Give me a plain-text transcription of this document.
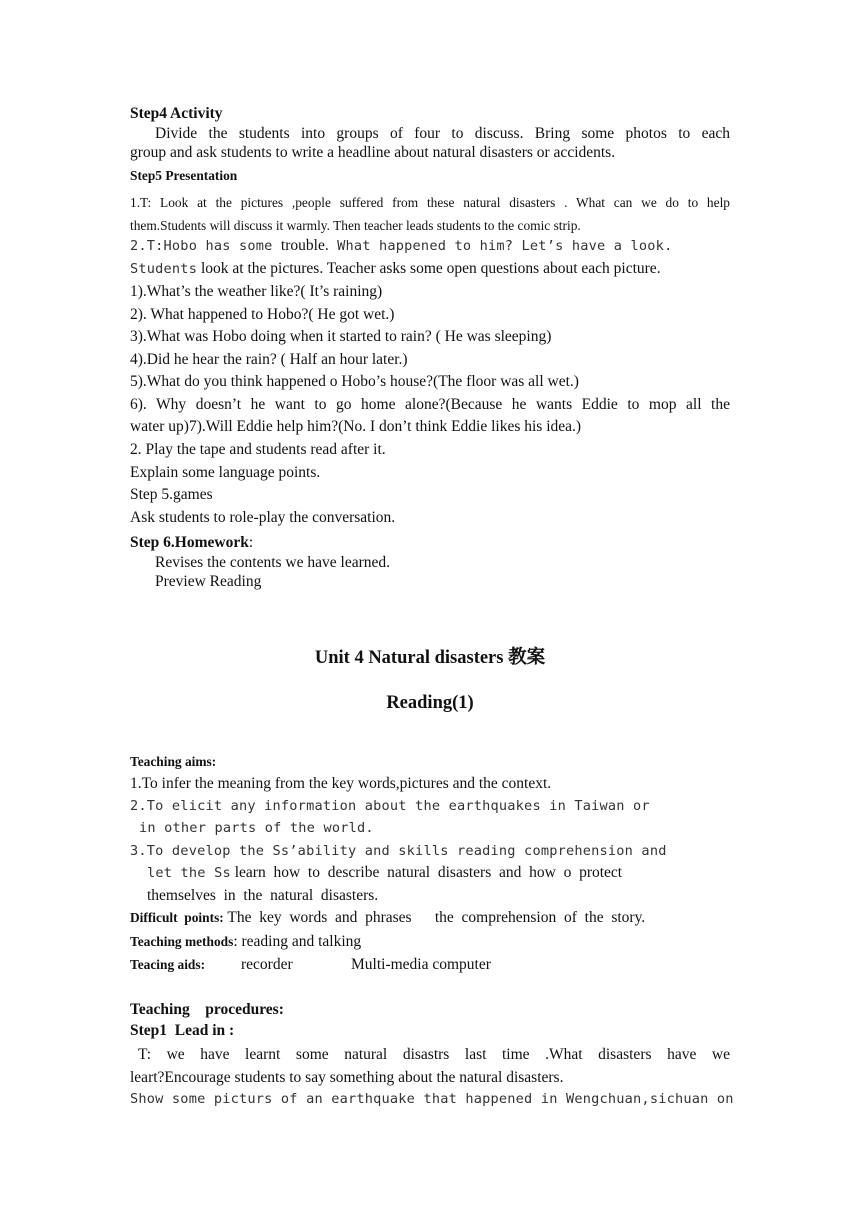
Step4 Activity
Divide the students into groups of four to discuss. Bring some photos to each
group and ask students to write a headline about natural disasters or accidents.
Step5 Presentation
1.T: Look at the pictures ,people suffered from these natural disasters . What can we do to help
them.Students will discuss it warmly. Then teacher leads students to the comic strip.
2.T:Hobo has some trouble. What happened to him? Let’s have a look.
Students look at the pictures. Teacher asks some open questions about each picture.
1).What’s the weather like?( It’s raining)
2). What happened to Hobo?( He got wet.)
3).What was Hobo doing when it started to rain? ( He was sleeping)
4).Did he hear the rain? ( Half an hour later.)
5).What do you think happened o Hobo’s house?(The floor was all wet.)
6). Why doesn’t he want to go home alone?(Because he wants Eddie to mop all the
water up)7).Will Eddie help him?(No. I don’t think Eddie likes his idea.)
2. Play the tape and students read after it.
Explain some language points.
Step 5.games
Ask students to role-play the conversation.
Step 6.Homework:
Revises the contents we have learned.
Preview Reading
Unit 4 Natural disasters 教案
Reading(1)
Teaching aims:
1.To infer the meaning from the key words,pictures and the context.
2.To elicit any information about the earthquakes in Taiwan or
in other parts of the world.
3.To develop the Ss’ability and skills reading comprehension and
let the Ss learn  how  to  describe  natural  disasters  and  how  o  protect
themselves  in  the  natural  disasters.
Difficult  points: The  key  words  and  phrases      the  comprehension  of  the  story.
Teaching methods: reading and talking
Teacing aids: recorder	Multi-media computer
Teaching    procedures:
Step1  Lead in :
T: we have learnt some natural disastrs last time .What disasters have we
leart?Encourage students to say something about the natural disasters.
Show some picturs of an earthquake that happened in Wengchuan,sichuan on
